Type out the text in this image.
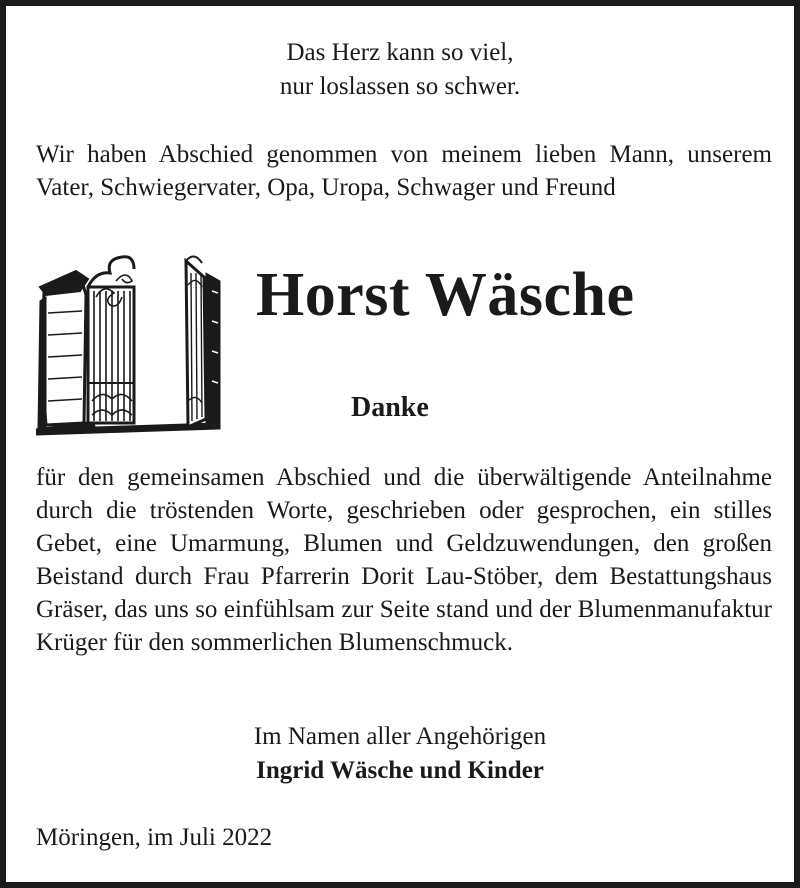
Das Herz kann so viel,
nur loslassen so schwer.
Wir haben Abschied genommen von meinem lieben Mann, unserem Vater, Schwiegervater, Opa, Uropa, Schwager und Freund
Horst Wäsche
Danke
für den gemeinsamen Abschied und die überwältigende Anteilnahme durch die tröstenden Worte, geschrieben oder gesprochen, ein stilles Gebet, eine Umarmung, Blumen und Geldzuwendungen, den großen Beistand durch Frau Pfarrerin Dorit Lau-Stöber, dem Bestattungshaus Gräser, das uns so einfühlsam zur Seite stand und der Blumenmanufaktur Krüger für den sommerlichen Blumenschmuck.
Im Namen aller Angehörigen
Ingrid Wäsche und Kinder
Möringen, im Juli 2022
